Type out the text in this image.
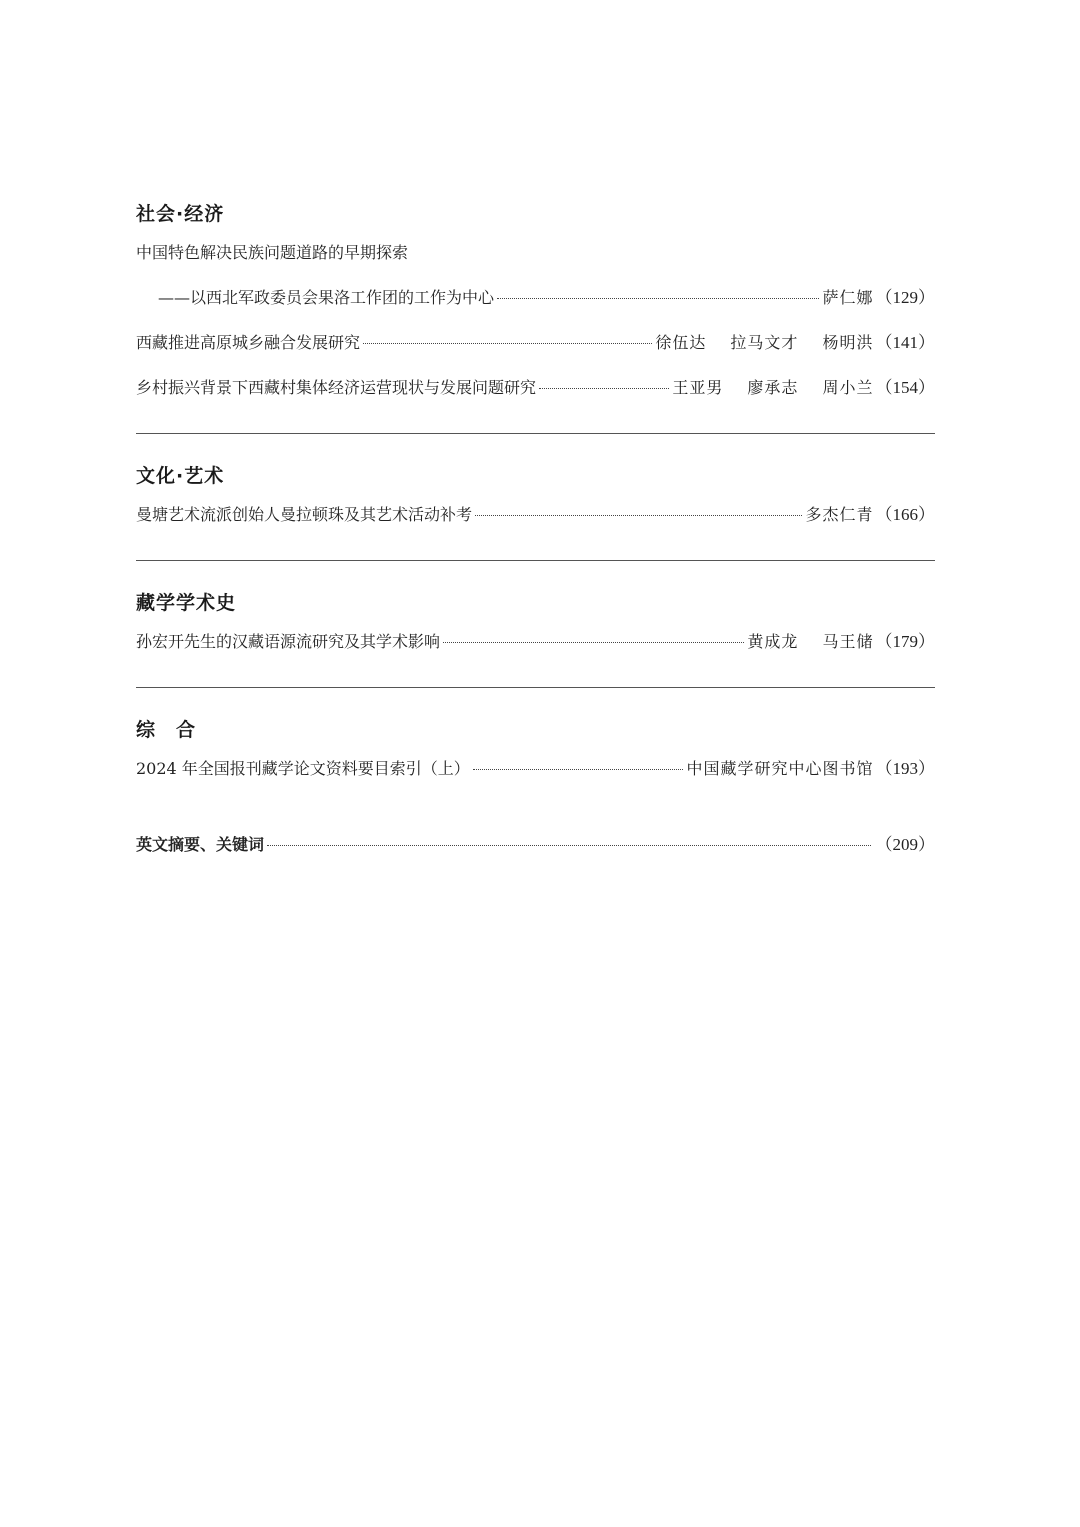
社会·经济
中国特色解决民族问题道路的早期探索
——以西北军政委员会果洛工作团的工作为中心	萨仁娜 （129）
西藏推进高原城乡融合发展研究	徐伍达 拉马文才 杨明洪 （141）
乡村振兴背景下西藏村集体经济运营现状与发展问题研究	王亚男 廖承志 周小兰 （154）
文化·艺术
曼塘艺术流派创始人曼拉顿珠及其艺术活动补考	多杰仁青 （166）
藏学学术史
孙宏开先生的汉藏语源流研究及其学术影响	黄成龙 马王储 （179）
综　合
2024 年全国报刊藏学论文资料要目索引（上）	中国藏学研究中心图书馆 （193）
英文摘要、关键词	（209）
